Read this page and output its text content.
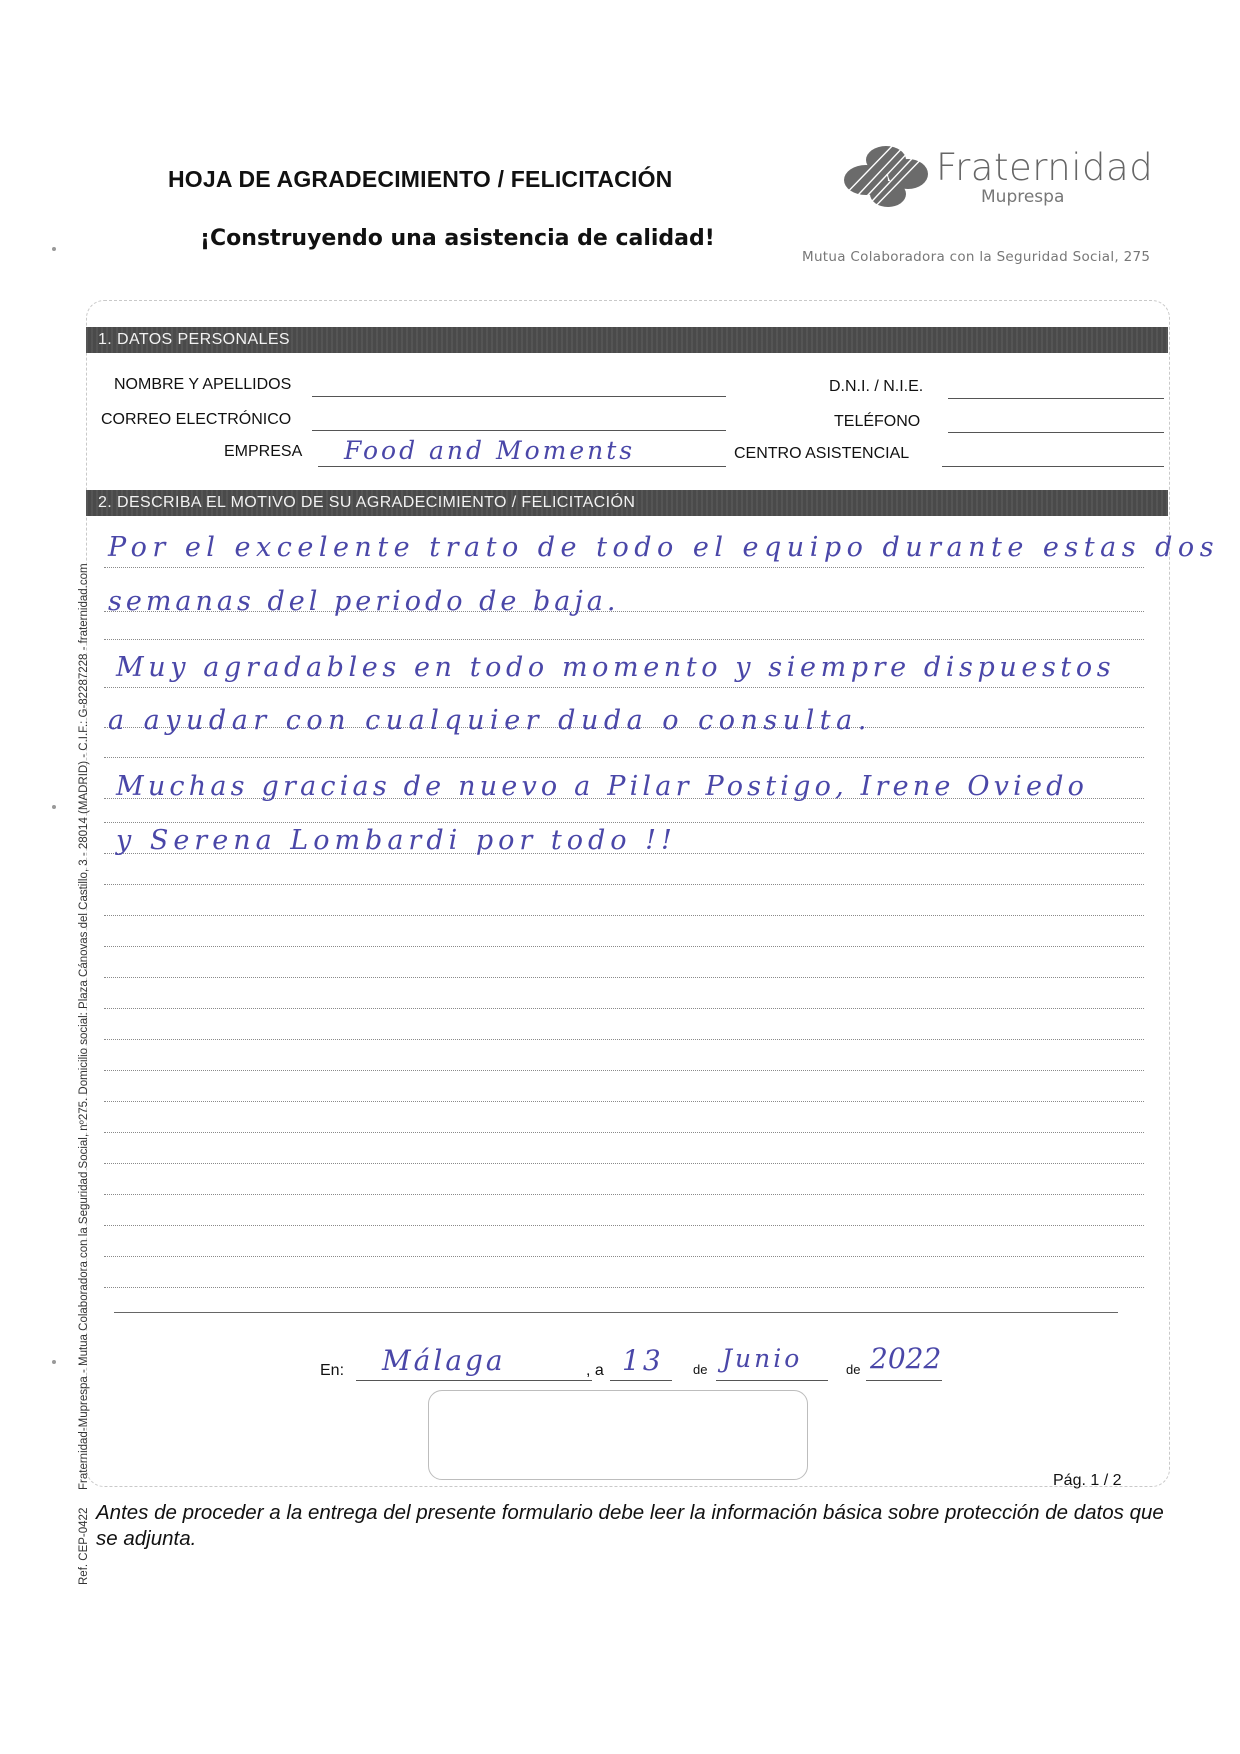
HOJA DE AGRADECIMIENTO / FELICITACIÓN
¡Construyendo una asistencia de calidad!
Fraternidad
Muprespa
Mutua Colaboradora con la Seguridad Social, 275
1. DATOS PERSONALES
NOMBRE Y APELLIDOS
CORREO ELECTRÓNICO
EMPRESA Food and Moments
D.N.I. / N.I.E.
TELÉFONO
CENTRO ASISTENCIAL
2. DESCRIBA EL MOTIVO DE SU AGRADECIMIENTO / FELICITACIÓN
Por el excelente trato de todo el equipo durante estas dos
semanas del periodo de baja.
Muy agradables en todo momento y siempre dispuestos
a ayudar con cualquier duda o consulta.
Muchas gracias de nuevo a Pilar Postigo, Irene Oviedo
y Serena Lombardi por todo !!
En: Málaga	, a 13 de Junio	de 2022
Pág. 1 / 2
Antes de proceder a la entrega del presente formulario debe leer la información básica sobre protección de datos que se adjunta.
Fraternidad-Muprespa - Mutua Colaboradora con la Seguridad Social, nº275. Domicilio social: Plaza Cánovas del Castillo, 3 - 28014 (MADRID) - C.I.F.: G-82287228 - fraternidad.com
Ref. CEP-0422
